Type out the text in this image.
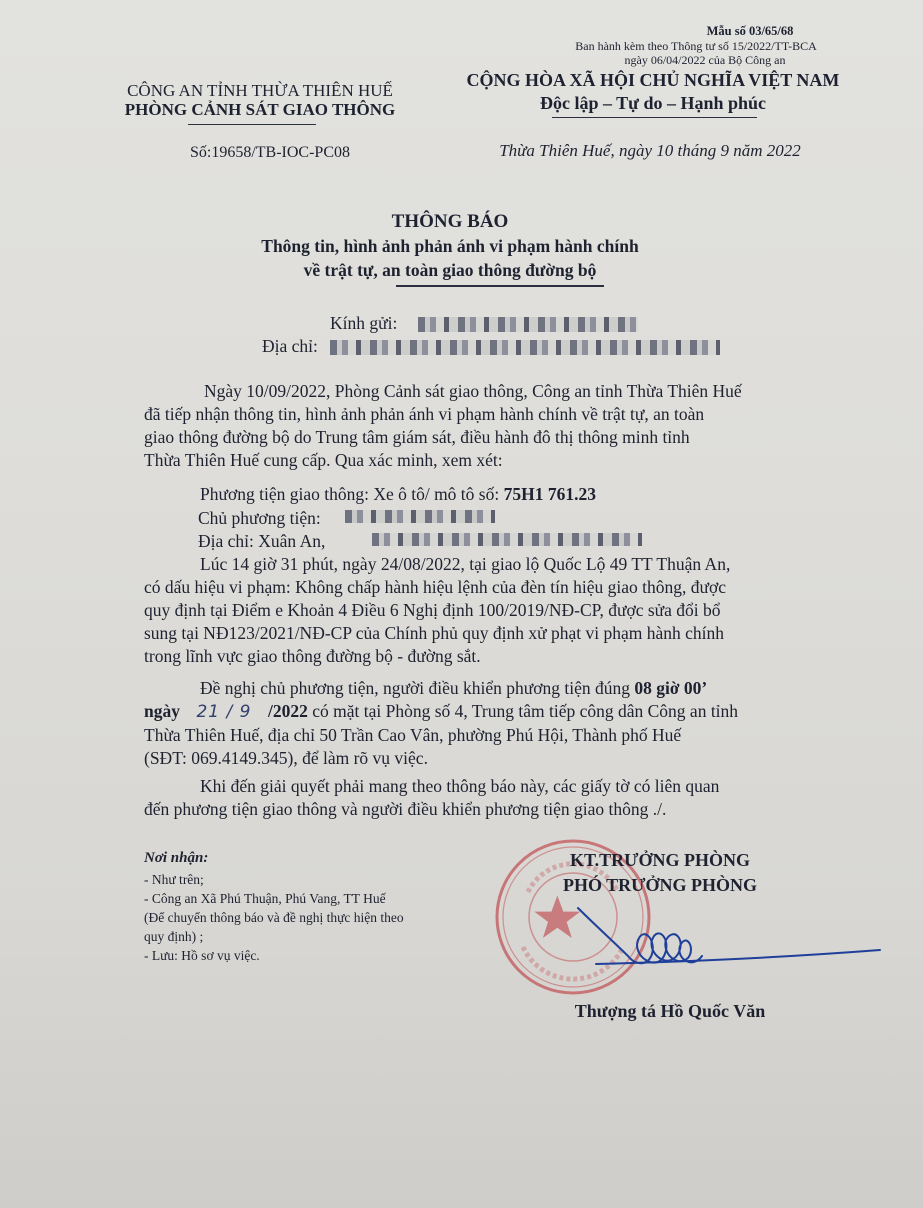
Mẫu số 03/65/68
Ban hành kèm theo Thông tư số 15/2022/TT-BCA
ngày 06/04/2022 của Bộ Công an
CÔNG AN TỈNH THỪA THIÊN HUẾ
PHÒNG CẢNH SÁT GIAO THÔNG
Số:19658/TB-IOC-PC08
CỘNG HÒA XÃ HỘI CHỦ NGHĨA VIỆT NAM
Độc lập – Tự do – Hạnh phúc
Thừa Thiên Huế, ngày 10 tháng 9 năm 2022
THÔNG BÁO
Thông tin, hình ảnh phản ánh vi phạm hành chính
về trật tự, an toàn giao thông đường bộ
Kính gửi:
Địa chỉ:
Ngày 10/09/2022, Phòng Cảnh sát giao thông, Công an tỉnh Thừa Thiên Huế
đã tiếp nhận thông tin, hình ảnh phản ánh vi phạm hành chính về trật tự, an toàn
giao thông đường bộ do Trung tâm giám sát, điều hành đô thị thông minh tỉnh
Thừa Thiên Huế cung cấp. Qua xác minh, xem xét:
Phương tiện giao thông: Xe ô tô/ mô tô số: 75H1 761.23
Chủ phương tiện:
Địa chỉ: Xuân An,
Lúc 14 giờ 31 phút, ngày 24/08/2022, tại giao lộ Quốc Lộ 49 TT Thuận An,
có dấu hiệu vi phạm: Không chấp hành hiệu lệnh của đèn tín hiệu giao thông, được
quy định tại Điểm e Khoản 4 Điều 6 Nghị định 100/2019/NĐ-CP, được sửa đổi bổ
sung tại NĐ123/2021/NĐ-CP của Chính phủ quy định xử phạt vi phạm hành chính
trong lĩnh vực giao thông đường bộ - đường sắt.
Đề nghị chủ phương tiện, người điều khiển phương tiện đúng 08 giờ 00’
ngày 21 / 9 /2022 có mặt tại Phòng số 4, Trung tâm tiếp công dân Công an tỉnh
Thừa Thiên Huế, địa chỉ 50 Trần Cao Vân, phường Phú Hội, Thành phố Huế
(SĐT: 069.4149.345), để làm rõ vụ việc.
Khi đến giải quyết phải mang theo thông báo này, các giấy tờ có liên quan
đến phương tiện giao thông và người điều khiển phương tiện giao thông ./.
Nơi nhận:
- Như trên;
- Công an Xã Phú Thuận, Phú Vang, TT Huế
(Để chuyển thông báo và đề nghị thực hiện theo
quy định) ;
- Lưu: Hồ sơ vụ việc.
KT.TRƯỞNG PHÒNG
PHÓ TRƯỞNG PHÒNG
Thượng tá Hồ Quốc Văn
